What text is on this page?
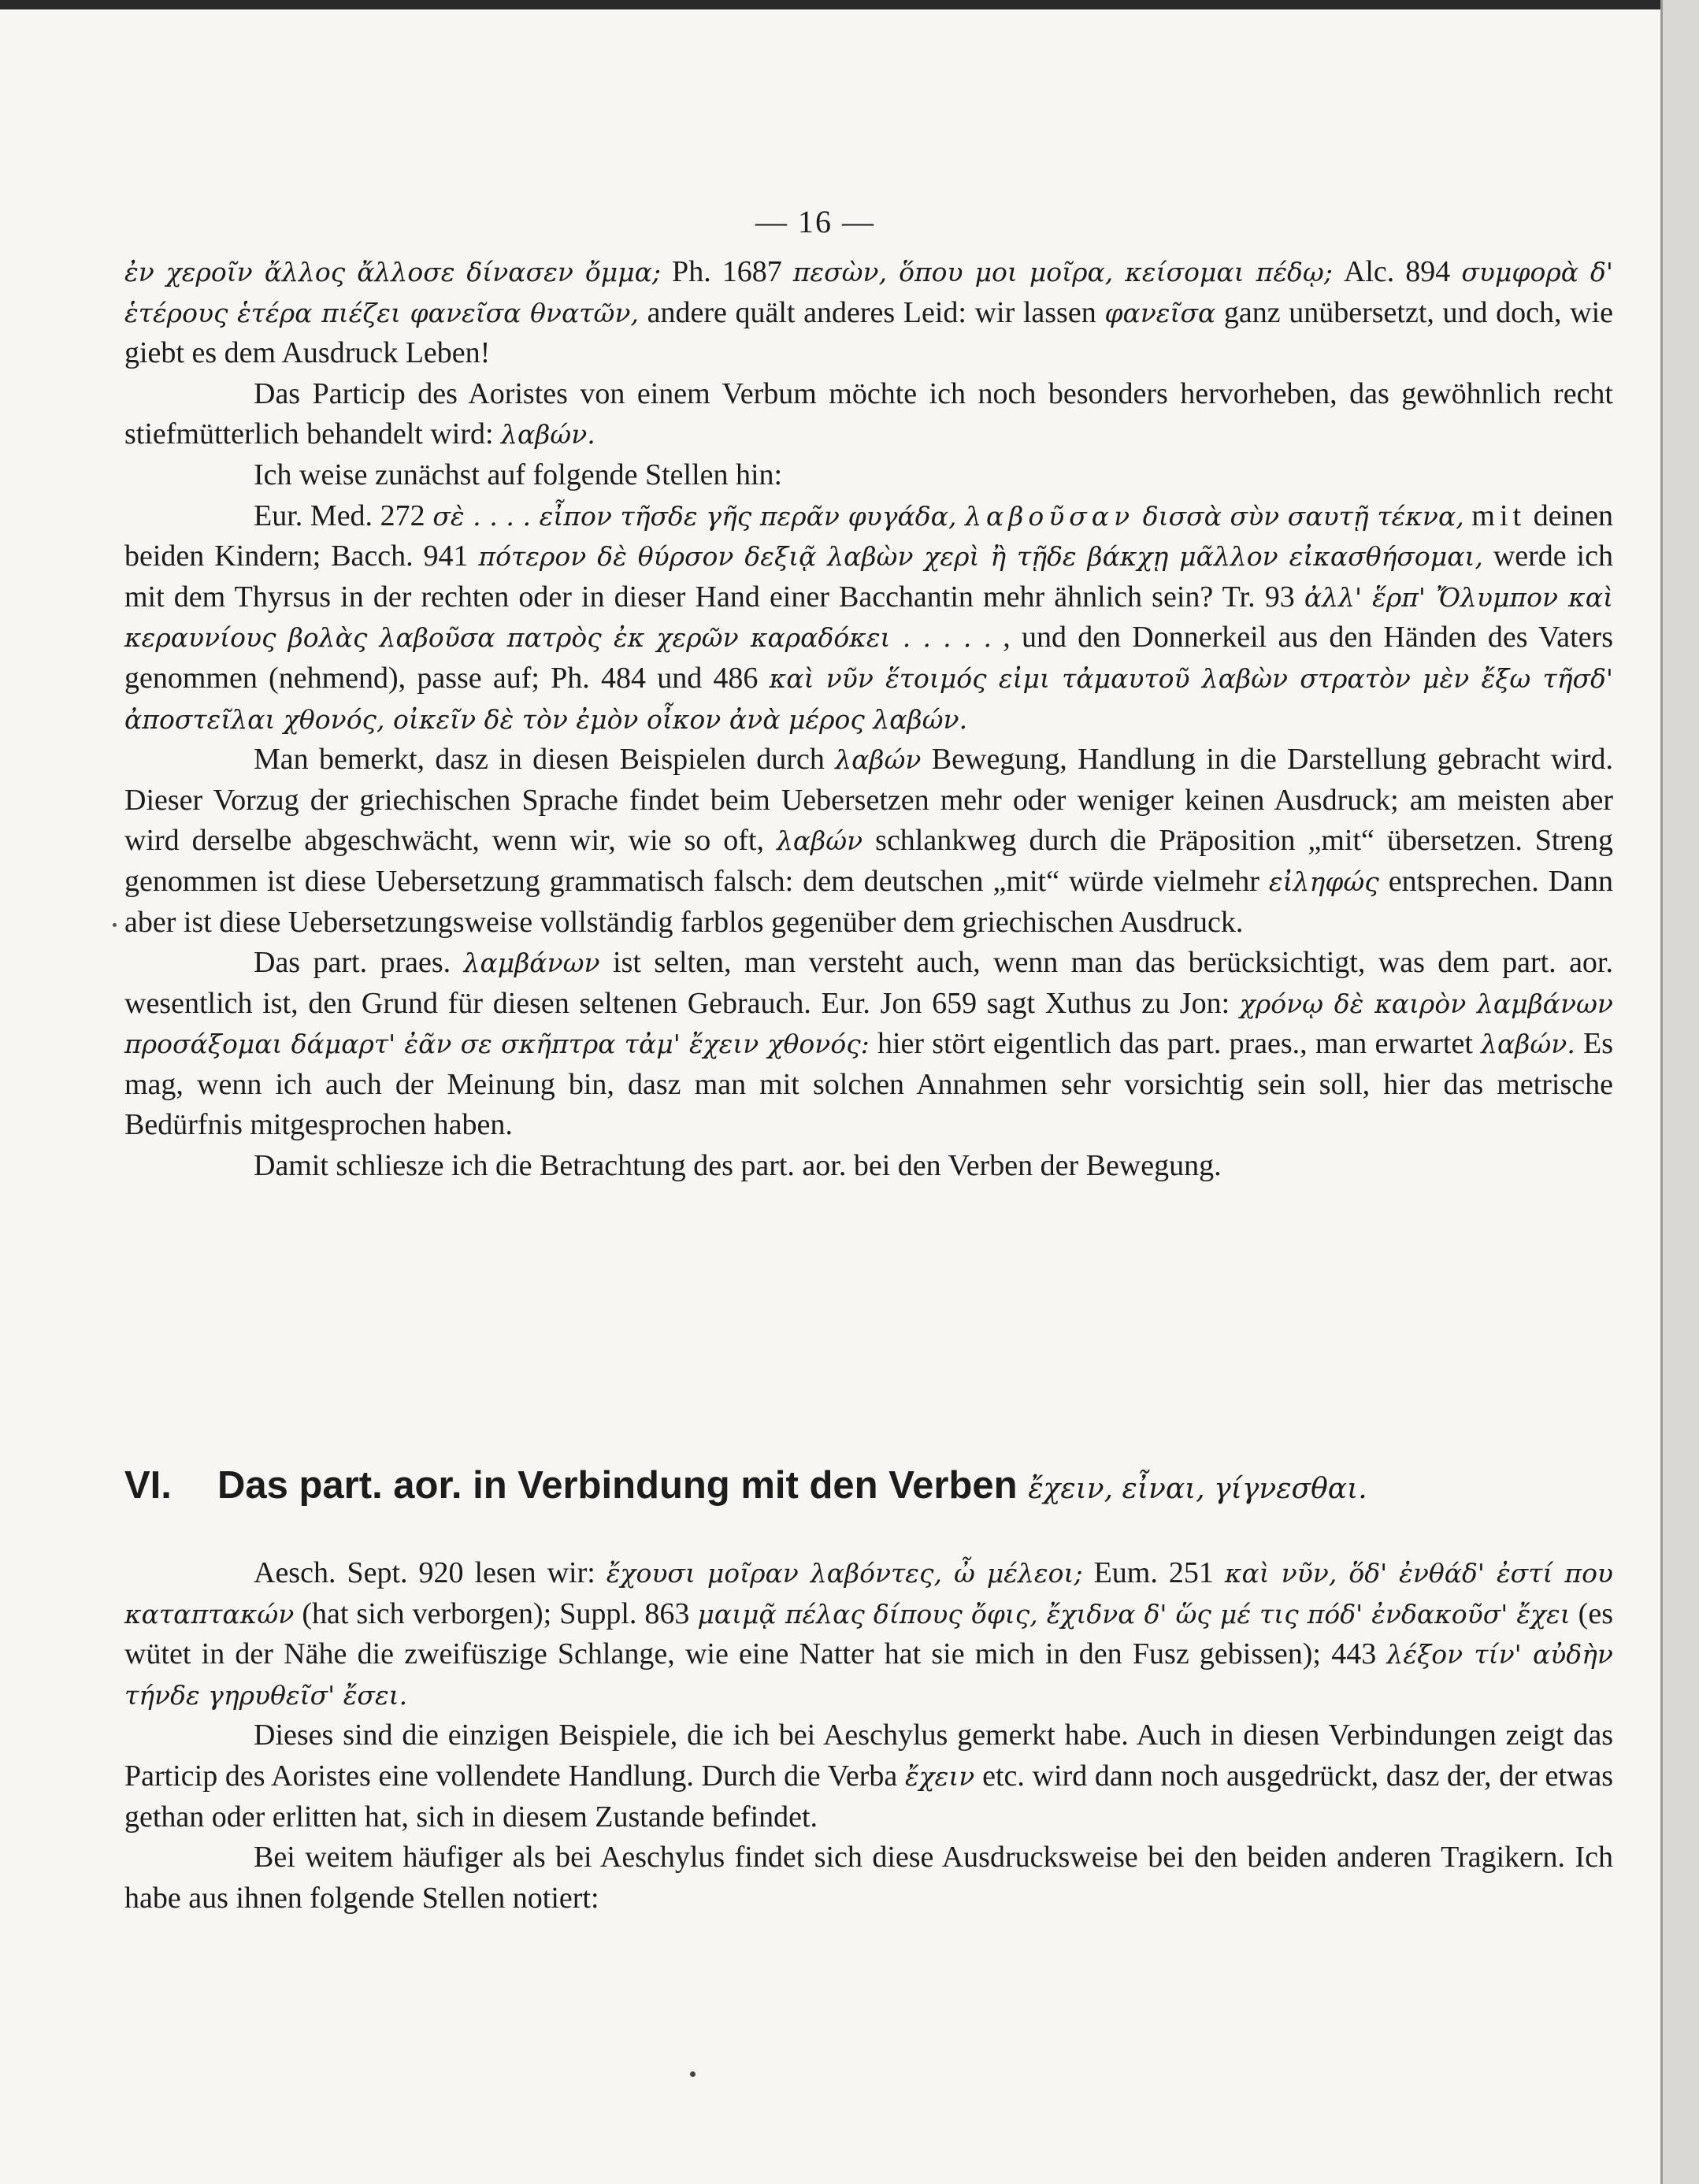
— 16 —

ἐν χεροῖν ἄλλος ἄλλοσε δίνασεν ὄμμα; Ph. 1687 πεσὼν, ὅπου μοι μοῖρα, κείσομαι πέδῳ; Alc. 894 συμφορὰ δ' ἑτέρους ἑτέρα πιέζει φανεῖσα θνατῶν, andere quält anderes Leid: wir lassen φανεῖσα ganz unübersetzt, und doch, wie giebt es dem Ausdruck Leben!

Das Particip des Aoristes von einem Verbum möchte ich noch besonders hervorheben, das gewöhnlich recht stiefmütterlich behandelt wird: λαβών.

Ich weise zunächst auf folgende Stellen hin:

Eur. Med. 272 σὲ . . . . εἶπον τῆσδε γῆς περᾶν φυγάδα, λαβοῦσαν δισσὰ σὺν σαυτῇ τέκνα, mit deinen beiden Kindern; Bacch. 941 πότερον δὲ θύρσον δεξιᾷ λαβὼν χερὶ ἢ τῇδε βάκχῃ μᾶλλον εἰκασθήσομαι, werde ich mit dem Thyrsus in der rechten oder in dieser Hand einer Bacchantin mehr ähnlich sein? Tr. 93 ἀλλ' ἕρπ' Ὄλυμπον καὶ κεραυνίους βολὰς λαβοῦσα πατρὸς ἐκ χερῶν καραδόκει . . . . . , und den Donnerkeil aus den Händen des Vaters genommen (nehmend), passe auf; Ph. 484 und 486 καὶ νῦν ἕτοιμός εἰμι τἀμαυτοῦ λαβὼν στρατὸν μὲν ἔξω τῆσδ' ἀποστεῖλαι χθονός, οἰκεῖν δὲ τὸν ἐμὸν οἶκον ἀνὰ μέρος λαβών.

Man bemerkt, dasz in diesen Beispielen durch λαβών Bewegung, Handlung in die Darstellung gebracht wird. Dieser Vorzug der griechischen Sprache findet beim Uebersetzen mehr oder weniger keinen Ausdruck; am meisten aber wird derselbe abgeschwächt, wenn wir, wie so oft, λαβών schlankweg durch die Präposition „mit“ übersetzen. Streng genommen ist diese Uebersetzung grammatisch falsch: dem deutschen „mit“ würde vielmehr εἰληφώς entsprechen. Dann aber ist diese Uebersetzungsweise vollständig farblos gegenüber dem griechischen Ausdruck.

Das part. praes. λαμβάνων ist selten, man versteht auch, wenn man das berücksichtigt, was dem part. aor. wesentlich ist, den Grund für diesen seltenen Gebrauch. Eur. Jon 659 sagt Xuthus zu Jon: χρόνῳ δὲ καιρὸν λαμβάνων προσάξομαι δάμαρτ' ἐᾶν σε σκῆπτρα τἀμ' ἔχειν χθονός: hier stört eigentlich das part. praes., man erwartet λαβών. Es mag, wenn ich auch der Meinung bin, dasz man mit solchen Annahmen sehr vorsichtig sein soll, hier das metrische Bedürfnis mitgesprochen haben.

Damit schliesze ich die Betrachtung des part. aor. bei den Verben der Bewegung.

VI. Das part. aor. in Verbindung mit den Verben ἔχειν, εἶναι, γίγνεσθαι.

Aesch. Sept. 920 lesen wir: ἔχουσι μοῖραν λαβόντες, ὦ μέλεοι; Eum. 251 καὶ νῦν, ὅδ' ἐνθάδ' ἐστί που καταπτακών (hat sich verborgen); Suppl. 863 μαιμᾷ πέλας δίπους ὄφις, ἔχιδνα δ' ὥς μέ τις πόδ' ἐνδακοῦσ' ἔχει (es wütet in der Nähe die zweifüszige Schlange, wie eine Natter hat sie mich in den Fusz gebissen); 443 λέξον τίν' αὐδὴν τήνδε γηρυθεῖσ' ἔσει.

Dieses sind die einzigen Beispiele, die ich bei Aeschylus gemerkt habe. Auch in diesen Verbindungen zeigt das Particip des Aoristes eine vollendete Handlung. Durch die Verba ἔχειν etc. wird dann noch ausgedrückt, dasz der, der etwas gethan oder erlitten hat, sich in diesem Zustande befindet.

Bei weitem häufiger als bei Aeschylus findet sich diese Ausdrucksweise bei den beiden anderen Tragikern. Ich habe aus ihnen folgende Stellen notiert:
